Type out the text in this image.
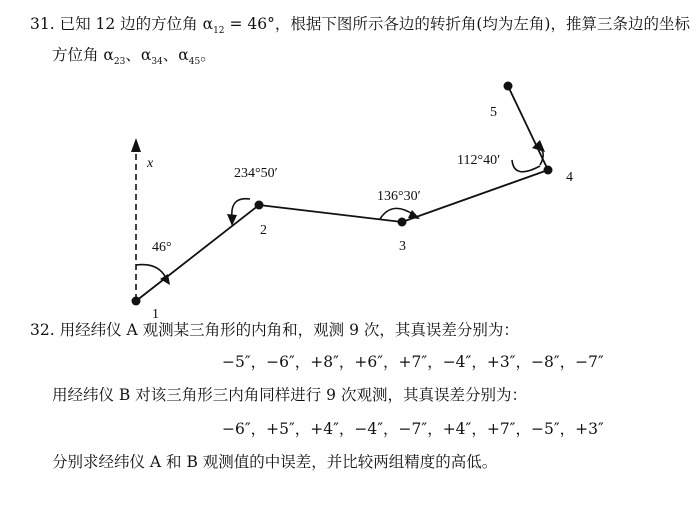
31. 已知 12 边的方位角 $\alpha_{12} = 46^\circ$，根据下图所示各边的转折角(均为左角)，推算三条边的坐标
方位角 $\alpha_{23}$、$\alpha_{34}$、$\alpha_{45}$。
x
1
2
3
4
5
46°
234°50′
136°30′
112°40′
32. 用经纬仪 A 观测某三角形的内角和，观测 9 次，其真误差分别为：
−5″，−6″，+8″，+6″，+7″，−4″，+3″，−8″，−7″
用经纬仪 B 对该三角形三内角同样进行 9 次观测，其真误差分别为：
−6″，+5″，+4″，−4″，−7″，+4″，+7″，−5″，+3″
分别求经纬仪 A 和 B 观测值的中误差，并比较两组精度的高低。
